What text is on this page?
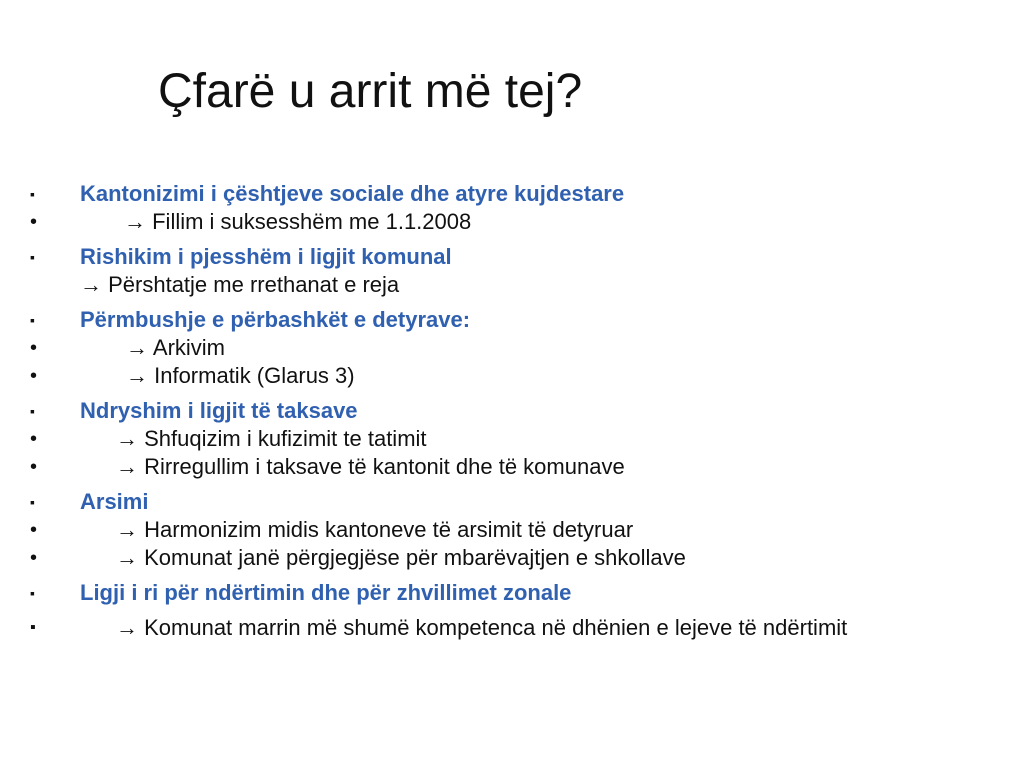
Çfarë u arrit më tej?
▪	Kantonizimi i çështjeve sociale dhe atyre kujdestare
•	→ Fillim i suksesshëm me 1.1.2008
▪	Rishikim i pjesshëm i ligjit komunal
→ Përshtatje me rrethanat e reja
▪	Përmbushje e përbashkët e detyrave:
•	→ Arkivim
•	→ Informatik (Glarus 3)
▪	Ndryshim i ligjit të taksave
•	→ Shfuqizim i kufizimit te tatimit
•	→ Rirregullim i taksave të kantonit dhe të komunave
▪	Arsimi
•	→ Harmonizim midis kantoneve të arsimit të detyruar
•	→ Komunat janë përgjegjëse për mbarëvajtjen e shkollave
▪	Ligji i ri për ndërtimin dhe për zhvillimet zonale
▪	→ Komunat marrin më shumë kompetenca në dhënien e lejeve të ndërtimit
